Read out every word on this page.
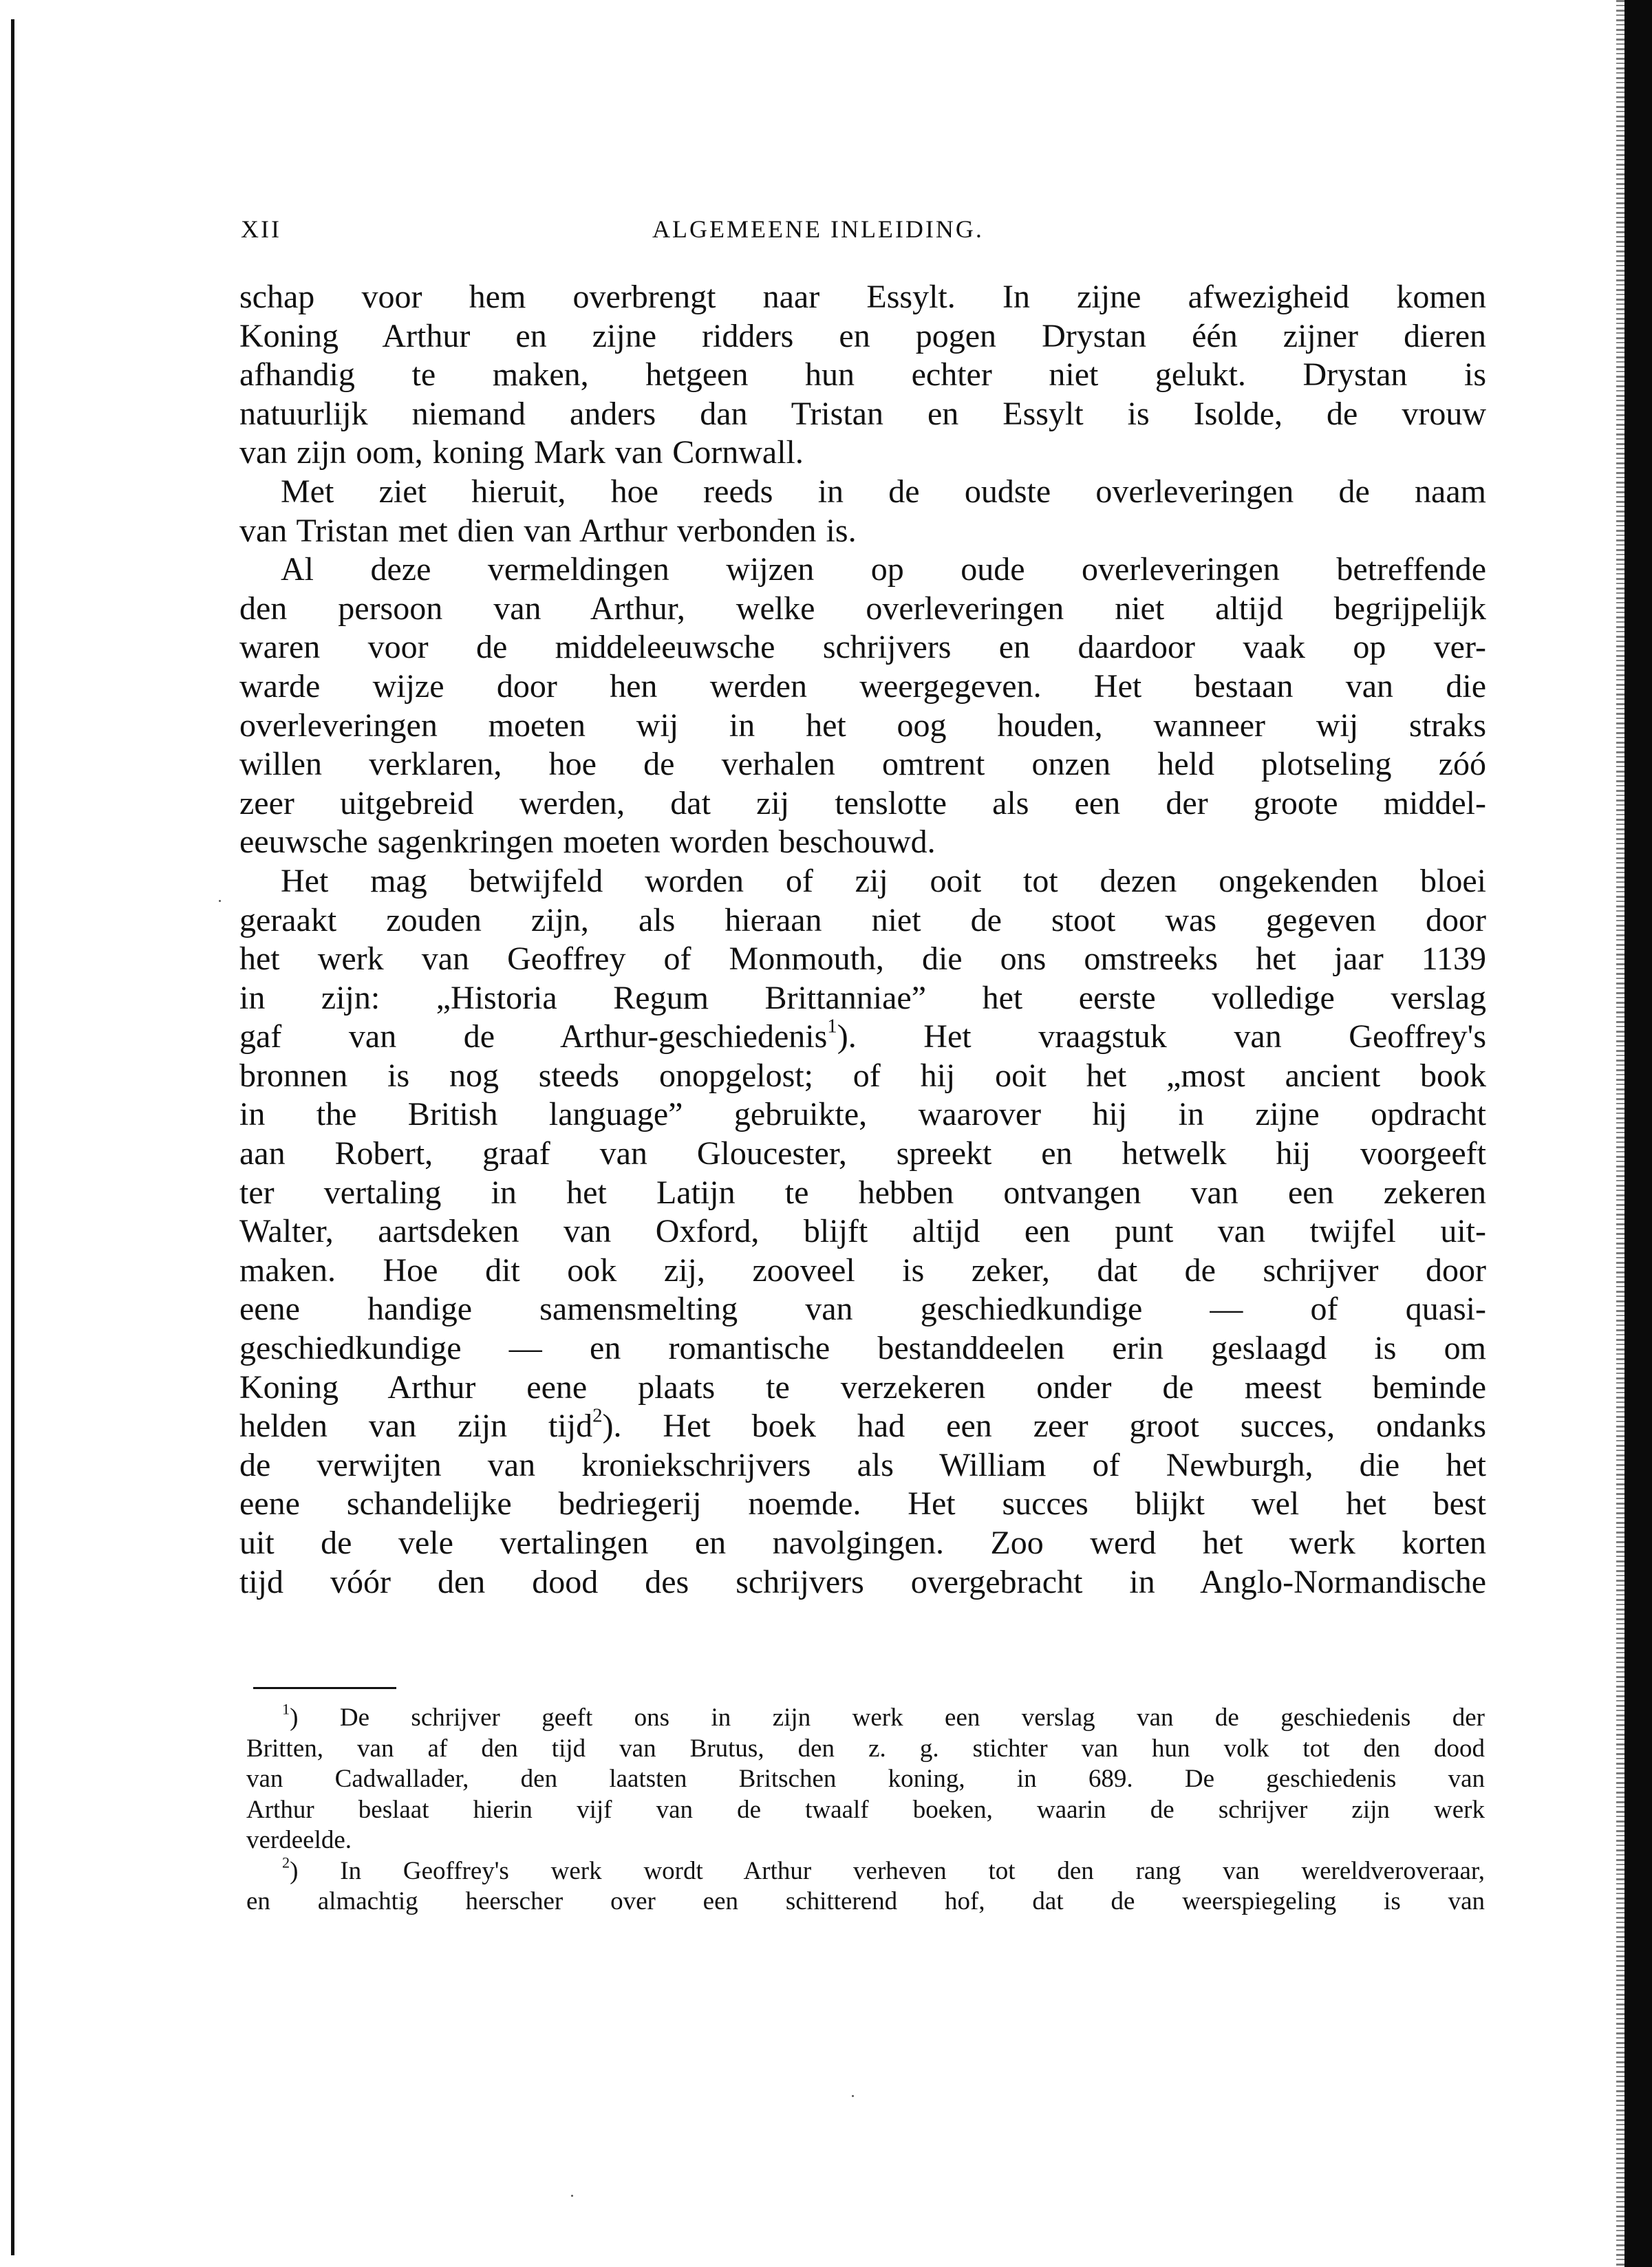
XII	ALGEMEENE INLEIDING.
schap voor hem overbrengt naar Essylt. In zijne afwezigheid komen
Koning Arthur en zijne ridders en pogen Drystan één zijner dieren
afhandig te maken, hetgeen hun echter niet gelukt. Drystan is
natuurlijk niemand anders dan Tristan en Essylt is Isolde, de vrouw
van zijn oom, koning Mark van Cornwall.
Met ziet hieruit, hoe reeds in de oudste overleveringen de naam
van Tristan met dien van Arthur verbonden is.
Al deze vermeldingen wijzen op oude overleveringen betreffende
den persoon van Arthur, welke overleveringen niet altijd begrijpelijk
waren voor de middeleeuwsche schrijvers en daardoor vaak op ver-
warde wijze door hen werden weergegeven. Het bestaan van die
overleveringen moeten wij in het oog houden, wanneer wij straks
willen verklaren, hoe de verhalen omtrent onzen held plotseling zóó
zeer uitgebreid werden, dat zij tenslotte als een der groote middel-
eeuwsche sagenkringen moeten worden beschouwd.
Het mag betwijfeld worden of zij ooit tot dezen ongekenden bloei
geraakt zouden zijn, als hieraan niet de stoot was gegeven door
het werk van Geoffrey of Monmouth, die ons omstreeks het jaar 1139
in zijn: „Historia Regum Brittanniae” het eerste volledige verslag
gaf van de Arthur-geschiedenis$^1$). Het vraagstuk van Geoffrey's
bronnen is nog steeds onopgelost; of hij ooit het „most ancient book
in the British language” gebruikte, waarover hij in zijne opdracht
aan Robert, graaf van Gloucester, spreekt en hetwelk hij voorgeeft
ter vertaling in het Latijn te hebben ontvangen van een zekeren
Walter, aartsdeken van Oxford, blijft altijd een punt van twijfel uit-
maken. Hoe dit ook zij, zooveel is zeker, dat de schrijver door
eene handige samensmelting van geschiedkundige — of quasi-
geschiedkundige — en romantische bestanddeelen erin geslaagd is om
Koning Arthur eene plaats te verzekeren onder de meest beminde
helden van zijn tijd$^2$). Het boek had een zeer groot succes, ondanks
de verwijten van kroniekschrijvers als William of Newburgh, die het
eene schandelijke bedriegerij noemde. Het succes blijkt wel het best
uit de vele vertalingen en navolgingen. Zoo werd het werk korten
tijd vóór den dood des schrijvers overgebracht in Anglo-Normandische
$^1$) De schrijver geeft ons in zijn werk een verslag van de geschiedenis der
Britten, van af den tijd van Brutus, den z. g. stichter van hun volk tot den dood
van Cadwallader, den laatsten Britschen koning, in 689. De geschiedenis van
Arthur beslaat hierin vijf van de twaalf boeken, waarin de schrijver zijn werk
verdeelde.
$^2$) In Geoffrey's werk wordt Arthur verheven tot den rang van wereldveroveraar,
en almachtig heerscher over een schitterend hof, dat de weerspiegeling is van
